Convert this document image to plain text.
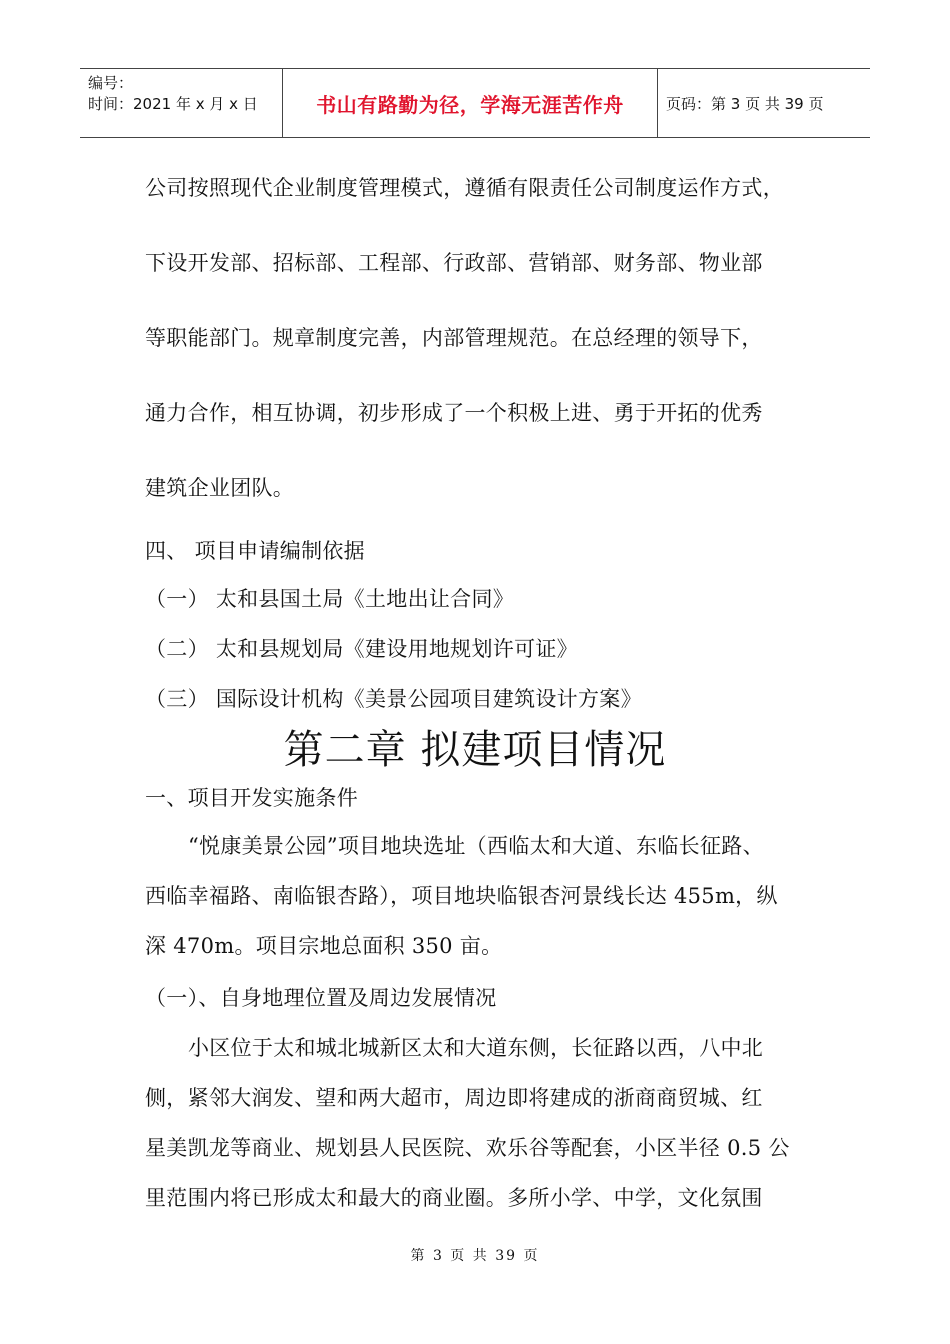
编号：
时间：2021 年 x 月 x 日	书山有路勤为径，学海无涯苦作舟	页码：第 3 页 共 39 页
公司按照现代企业制度管理模式，遵循有限责任公司制度运作方式，
下设开发部、招标部、工程部、行政部、营销部、财务部、物业部
等职能部门。规章制度完善，内部管理规范。在总经理的领导下，
通力合作，相互协调，初步形成了一个积极上进、勇于开拓的优秀
建筑企业团队。
四、 项目申请编制依据
（一） 太和县国土局《土地出让合同》
（二） 太和县规划局《建设用地规划许可证》
（三） 国际设计机构《美景公园项目建筑设计方案》
第二章 拟建项目情况
一、项目开发实施条件
“悦康美景公园”项目地块选址（西临太和大道、东临长征路、
西临幸福路、南临银杏路），项目地块临银杏河景线长达 455m，纵
深 470m。项目宗地总面积 350 亩。
（一）、自身地理位置及周边发展情况
小区位于太和城北城新区太和大道东侧，长征路以西，八中北
侧，紧邻大润发、望和两大超市，周边即将建成的浙商商贸城、红
星美凯龙等商业、规划县人民医院、欢乐谷等配套，小区半径 0.5 公
里范围内将已形成太和最大的商业圈。多所小学、中学，文化氛围
第 3 页 共 39 页
